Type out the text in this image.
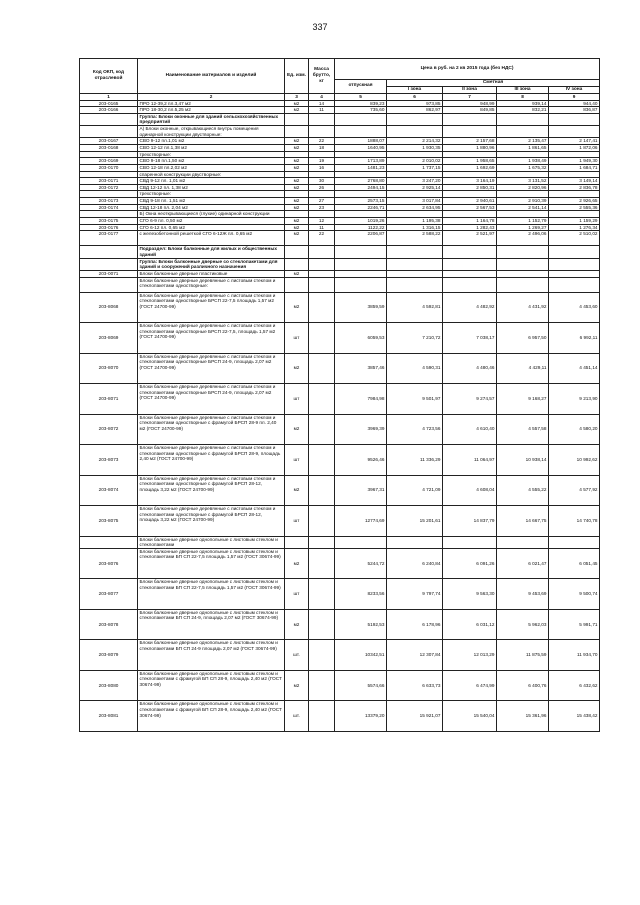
337
Код ОКП, код отраслевой	Наименование материалов и изделий	Ед. изм.	Масса брутто, кг	Цена в руб. на 2 кв 2015 года (без НДС)				
				отпускная	Сметная			
					I зона	II зона	III зона	IV зона
1	2	3	4	5	6	7	8	9
203-0165	ПРО 12-39,2 пл.3,47 м2	м2	14	839,23	973,85	948,99	939,14	944,40
203-0166	ПРО 18-30,2 пл.5,25 м2	м2	11	735,60	862,97	849,85	832,21	836,87
	Группа: Блоки оконные для зданий сельскохозяйственных предприятий							
	А) Блоки оконные, открывающиеся внутрь помещения одинарной конструкции двустворные:							
203-0167	СВО 9-12 пл.1,01 м2	м2	22	1888,07	2 214,32	2 157,68	2 135,47	2 147,41
203-0168	СВО 12-12 пл.1,38 м2	м2	18	1640,95	1 930,35	1 880,96	1 861,65	1 872,06
	трехстворные:							
203-0169	СВО 9-18 пл.1,50 м2	м2	19	1713,89	2 010,02	1 958,65	1 938,49	1 949,30
203-0170	СВО 12-18 пл.2,02 м2	м2	16	1481,23	1 737,15	1 692,69	1 675,32	1 684,71
	спаренной конструкции двустворные:							
203-0171	СВД 9-12 пл. 1,01 м2	м2	30	2768,80	3 247,20	3 164,19	3 131,52	3 149,14
203-0172	СВД 12-12 пл. 1,38 м2	м2	26	2494,15	2 925,14	2 850,31	2 820,96	2 836,78
	трехстворные:							
203-0173	СВД 9-18 пл. 1,51 м2	м2	27	2573,15	3 017,84	2 940,61	2 910,39	2 926,65
203-0174	СВД 12-18 пл. 2,04 м2	м2	23	2246,71	2 634,95	2 567,53	2 541,14	2 555,36
	Б) Окна неоткрывающиеся (глухие) одинарной конструкции							
203-0175	СГО 6-9 пл. 0,50 м2	м2	12	1019,26	1 195,38	1 164,78	1 152,79	1 159,29
203-0176	СГО 6-12 пл. 0,65 м2	м2	11	1122,22	1 316,15	1 282,43	1 269,27	1 276,34
203-0177	с железобетонной решеткой СГО 6-12Ж пл. 0,65 м2	м2	22	2206,87	2 588,22	2 521,97	2 496,06	2 510,02
	Подраздел: Блоки балконные для жилых и общественных зданий							
	Группа: Блоки балконные дверные со стеклопакетами для зданий и сооружений различного назначения							
203-0071	Блоки балконные дверные пластиковые	м2						
	Блоки балконные дверные деревянные с листовым стеклом и стеклопакетами одностворные:							
203-8068	Блоки балконные дверные деревянные с листовым стеклом и стеклопакетами одностворные БРСП 22-7,5 площадь 1,57 м2 (ГОСТ 24700-99)	м2		3859,59	4 592,81	4 482,92	4 431,92	4 453,60
203-8069	Блоки балконные дверные деревянные с листовым стеклом и стеклопакетами одностворные БРСП 22-7,5, площадь 1,57 м2 (ГОСТ 24700-99)	шт		6059,53	7 210,72	7 038,17	6 957,50	6 992,11
203-8070	Блоки балконные дверные деревянные с листовым стеклом и стеклопакетами одностворные БРСП 24-9, площадь 2,07 м2 (ГОСТ 24700-99)	м2		3857,46	4 590,31	4 480,46	4 429,11	4 451,14
203-8071	Блоки балконные дверные деревянные с листовым стеклом и стеклопакетами одностворные БРСП 24-9, площадь 2,07 м2 (ГОСТ 24700-99)	шт		7984,98	9 501,97	9 274,57	9 168,27	9 213,90
203-8072	Блоки балконные дверные деревянные с листовым стеклом и стеклопакетами одностворные с фрамугой БРСП 28-9 пл. 2,40 м2 (ГОСТ 24700-99)	м2		3969,39	4 723,56	4 610,40	4 557,58	4 580,20
203-8073	Блоки балконные дверные деревянные с листовым стеклом и стеклопакетами одностворные с фрамугой БРСП 28-9, площадь 2,40 м2 (ГОСТ 24700-99)	шт		9526,46	11 336,29	11 064,97	10 938,14	10 992,62
203-8074	Блоки балконные дверные деревянные с листовым стеклом и стеклопакетами одностворные с фрамугой БРСП 28-12, площадь 3,22 м2 (ГОСТ 24700-99)	м2		3967,31	4 721,09	4 608,04	4 555,22	4 577,92
203-8075	Блоки балконные дверные деревянные с листовым стеклом и стеклопакетами одностворные с фрамугой БРСП 28-12, площадь 3,22 м2 (ГОСТ 24700-99)	шт		12774,69	15 201,61	14 837,79	14 667,75	14 740,78
	Блоки балконные дверные однопольные с листовым стеклом и стеклопакетами							
203-8076	Блоки балконные дверные однопольные с листовым стеклом и стеклопакетами БП СП 22-7,5 площадь 1,57 м2 (ГОСТ 30674-99)	м2		5244,72	6 240,84	6 091,26	6 021,47	6 051,45
203-8077	Блоки балконные дверные однопольные с листовым стеклом и стеклопакетами БП СП 22-7,5 площадь 1,57 м2 (ГОСТ 30674-99)	шт		8233,56	9 797,74	9 563,30	9 453,69	9 500,74
203-8078	Блоки балконные дверные однопольные с листовым стеклом и стеклопакетами БП СП 24-9, площадь 2,07 м2 (ГОСТ 30674-99)	м2		5192,53	6 178,96	6 031,12	5 962,03	5 991,71
203-8079	Блоки балконные дверные однопольные с листовым стеклом и стеклопакетами БП СП 24-9 площадь 2,07 м2 (ГОСТ 30674-99)	шт.		10342,51	12 307,84	12 013,29	11 875,59	11 934,70
203-8080	Блоки балконные дверные однопольные с листовым стеклом и стеклопакетами с фрамугой БП СП 28-9, площадь 2,40 м2 (ГОСТ 30674-99)	м2		5574,66	6 633,73	6 474,99	6 400,76	6 432,62
203-8081	Блоки балконные дверные однопольные с листовым стеклом и стеклопакетами с фрамугой БП СП 28-9, площадь 2,40 м2 (ГОСТ 30674-99)	шт.		13379,20	15 921,07	15 540,04	15 361,96	15 438,42
